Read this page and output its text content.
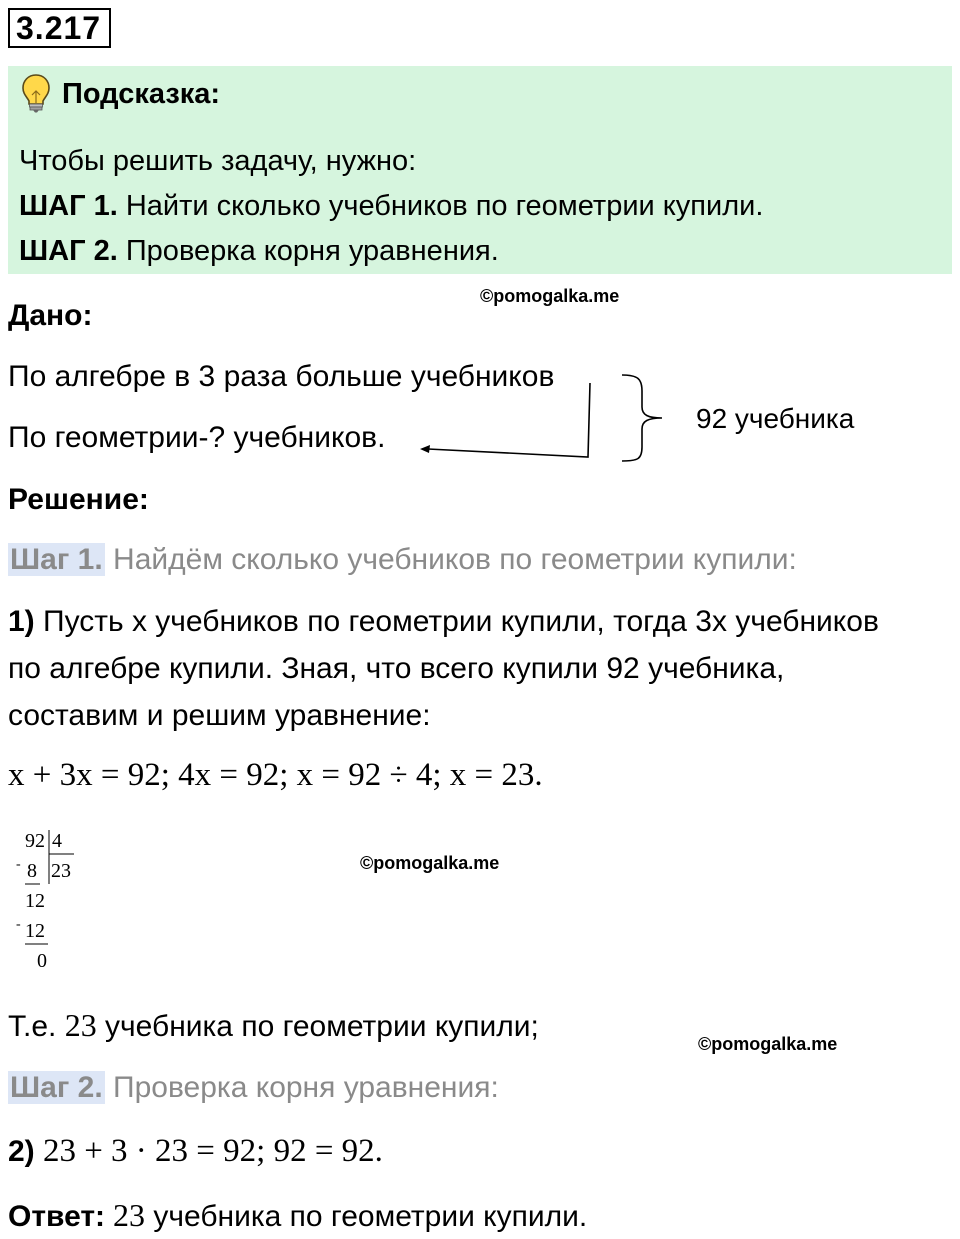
3.217
Подсказка:
Чтобы решить задачу, нужно:
ШАГ 1. Найти сколько учебников по геометрии купили.
ШАГ 2. Проверка корня уравнения.
©pomogalka.me
Дано:
По алгебре в 3 раза больше учебников
По геометрии-? учебников.
92 учебника
Решение:
Шаг 1. Найдём сколько учебников по геометрии купили:
1) Пусть x учебников по геометрии купили, тогда 3x учебников
по алгебре купили. Зная, что всего купили 92 учебника,
составим и решим уравнение:
x + 3x = 92; 4x = 92; x = 92 ÷ 4; x = 23.
92 4
- 8 23
12
- 12
0
©pomogalka.me
Т.е. 23 учебника по геометрии купили;
©pomogalka.me
Шаг 2. Проверка корня уравнения:
2) 23 + 3 · 23 = 92; 92 = 92.
Ответ: 23 учебника по геометрии купили.
